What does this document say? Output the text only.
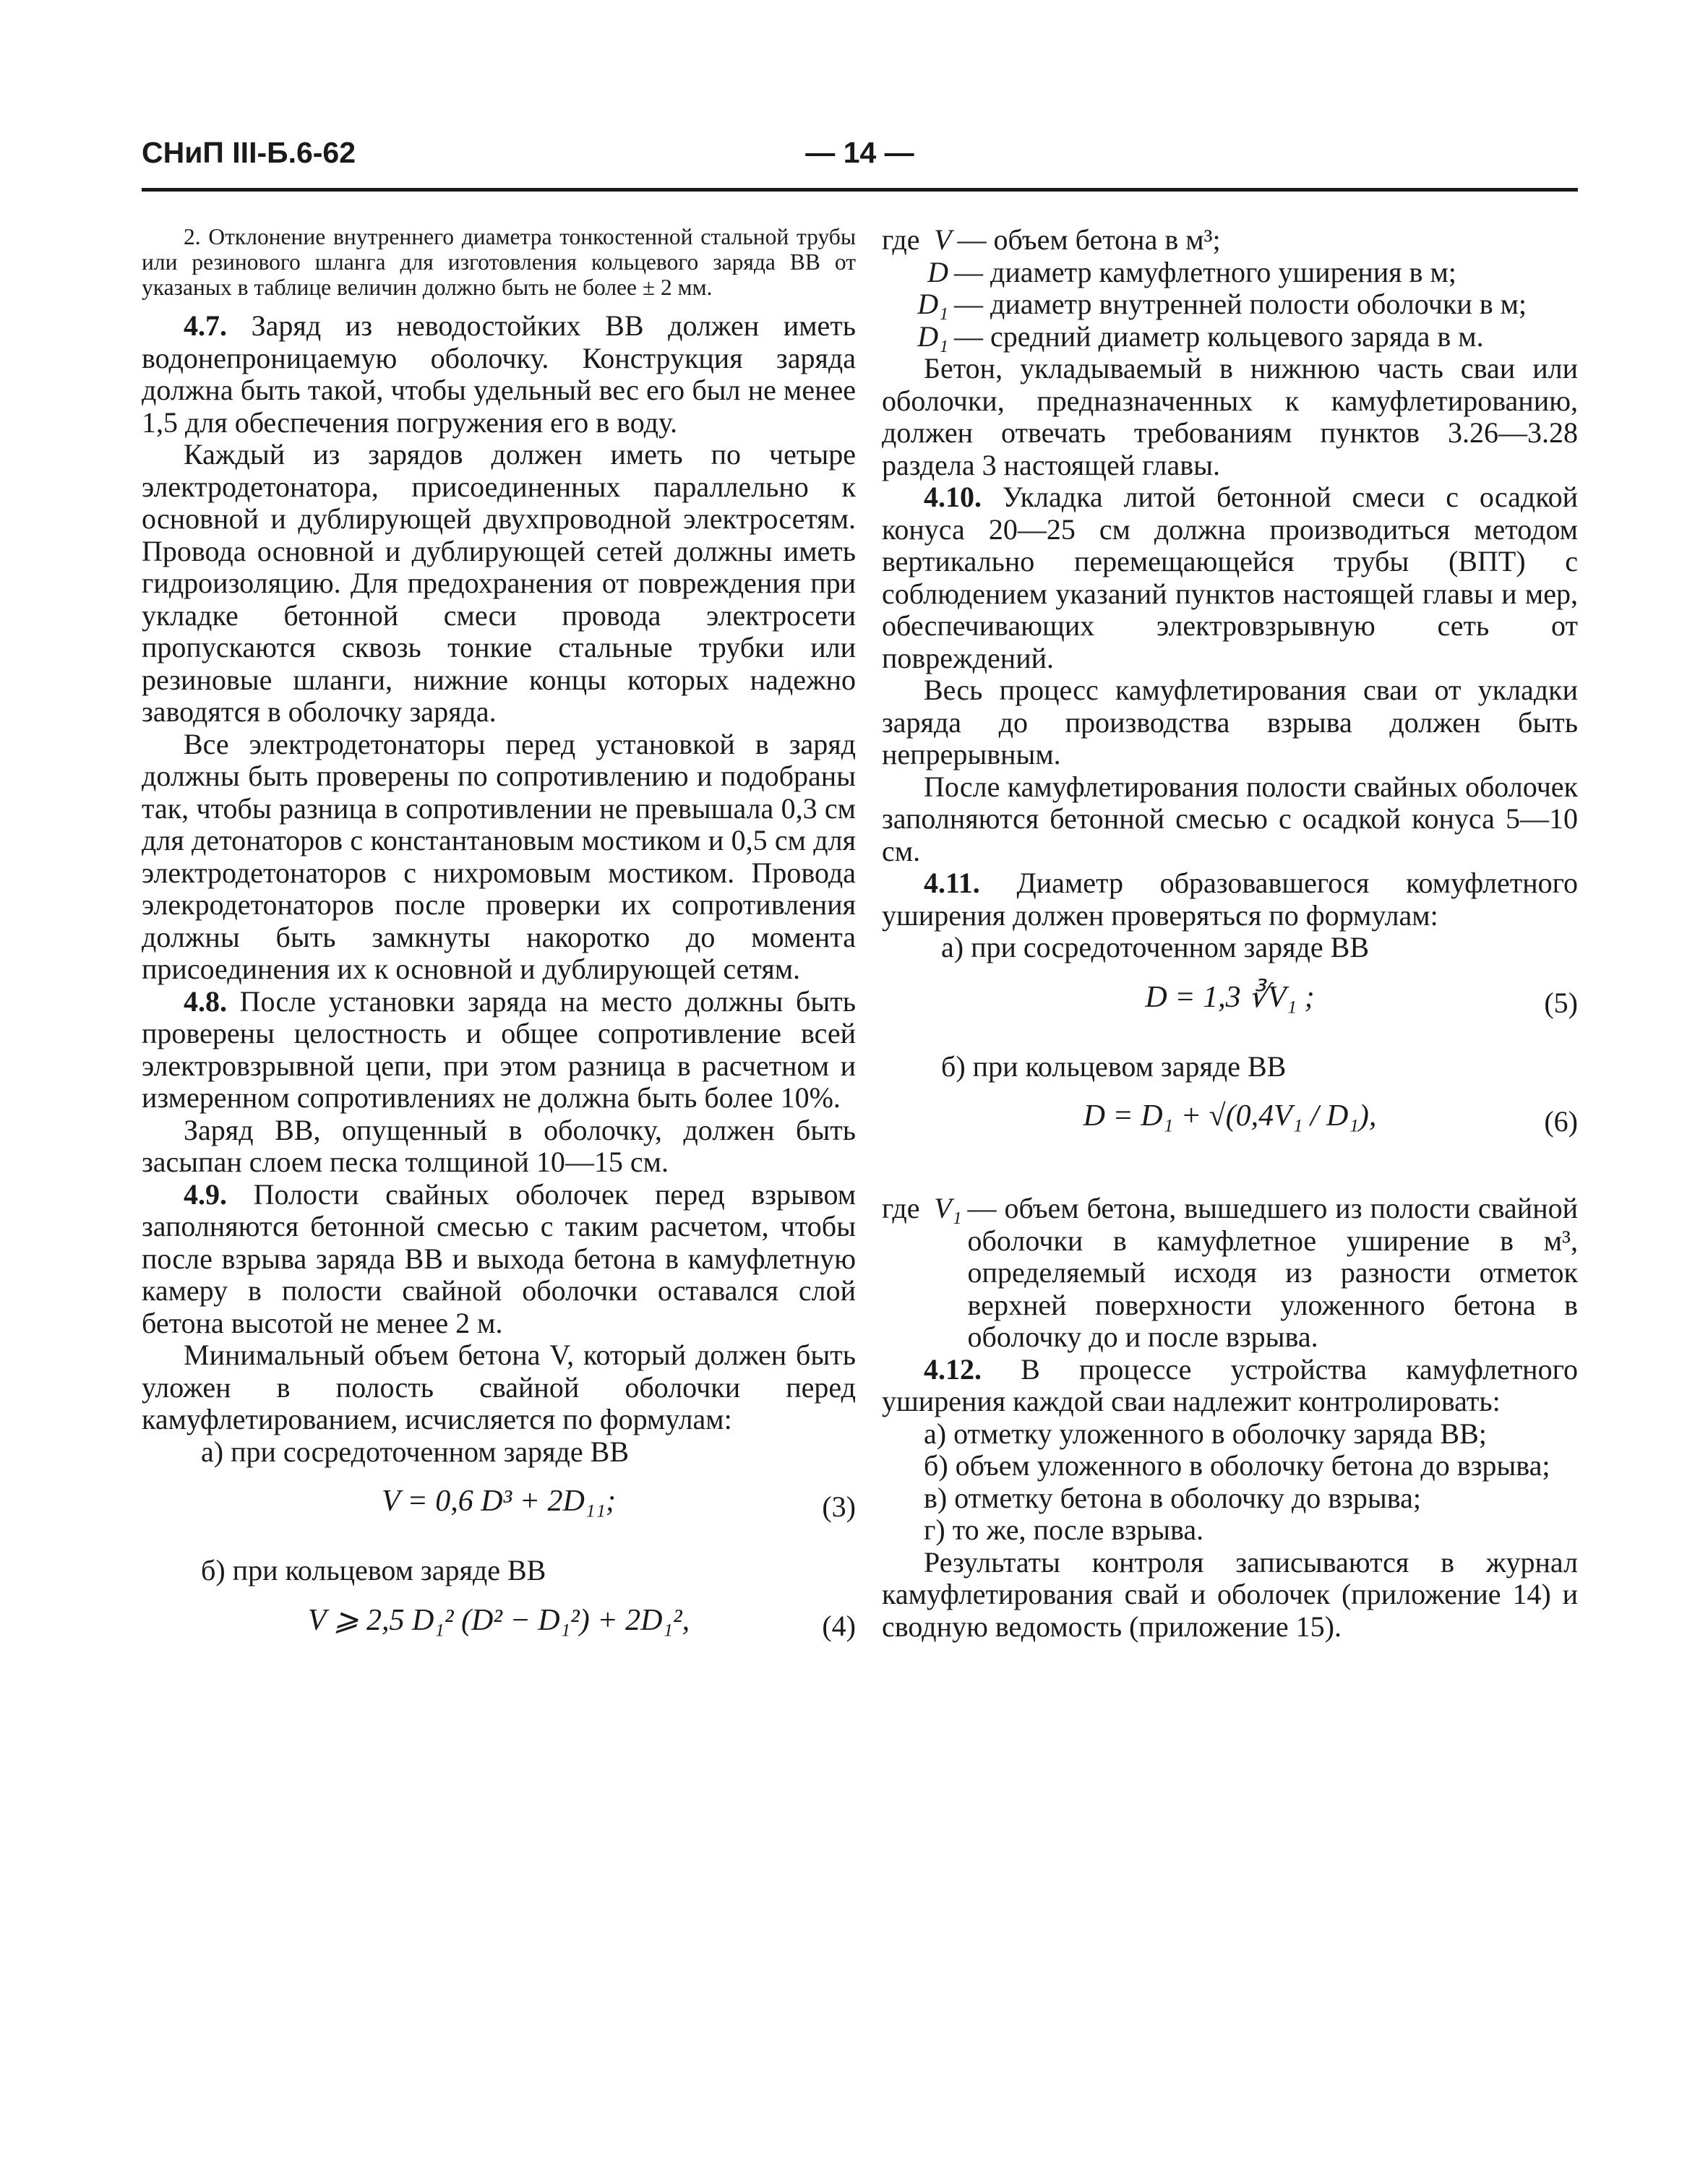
СНиП III-Б.6-62	— 14 —

2. Отклонение внутреннего диаметра тонкостенной стальной трубы или резинового шланга для изготовления кольцевого заряда ВВ от указаных в таблице величин должно быть не более ± 2 мм.

4.7. Заряд из неводостойких ВВ должен иметь водонепроницаемую оболочку. Конструкция заряда должна быть такой, чтобы удельный вес его был не менее 1,5 для обеспечения погружения его в воду.

Каждый из зарядов должен иметь по четыре электродетонатора, присоединенных параллельно к основной и дублирующей двухпроводной электросетям. Провода основной и дублирующей сетей должны иметь гидроизоляцию. Для предохранения от повреждения при укладке бетонной смеси провода электросети пропускаются сквозь тонкие стальные трубки или резиновые шланги, нижние концы которых надежно заводятся в оболочку заряда.

Все электродетонаторы перед установкой в заряд должны быть проверены по сопротивлению и подобраны так, чтобы разница в сопротивлении не превышала 0,3 см для детонаторов с константановым мостиком и 0,5 см для электродетонаторов с нихромовым мостиком. Провода элекродетонаторов после проверки их сопротивления должны быть замкнуты накоротко до момента присоединения их к основной и дублирующей сетям.

4.8. После установки заряда на место должны быть проверены целостность и общее сопротивление всей электровзрывной цепи, при этом разница в расчетном и измеренном сопротивлениях не должна быть более 10%.

Заряд ВВ, опущенный в оболочку, должен быть засыпан слоем песка толщиной 10—15 см.

4.9. Полости свайных оболочек перед взрывом заполняются бетонной смесью с таким расчетом, чтобы после взрыва заряда ВВ и выхода бетона в камуфлетную камеру в полости свайной оболочки оставался слой бетона высотой не менее 2 м.

Минимальный объем бетона V, который должен быть уложен в полость свайной оболочки перед камуфлетированием, исчисляется по формулам:

а) при сосредоточенном заряде ВВ

V = 0,6 D³ + 2D₁₁;	(3)

б) при кольцевом заряде ВВ

V ⩾ 2,5 D₁² (D² − D₁²) + 2D₁²,	(4)
где V — объем бетона в м³;
D — диаметр камуфлетного уширения в м;
D₁ — диаметр внутренней полости оболочки в м;
D₁ — средний диаметр кольцевого заряда в м.

Бетон, укладываемый в нижнюю часть сваи или оболочки, предназначенных к камуфлетированию, должен отвечать требованиям пунктов 3.26—3.28 раздела 3 настоящей главы.

4.10. Укладка литой бетонной смеси с осадкой конуса 20—25 см должна производиться методом вертикально перемещающейся трубы (ВПТ) с соблюдением указаний пунктов настоящей главы и мер, обеспечивающих электровзрывную сеть от повреждений.

Весь процесс камуфлетирования сваи от укладки заряда до производства взрыва должен быть непрерывным.

После камуфлетирования полости свайных оболочек заполняются бетонной смесью с осадкой конуса 5—10 см.

4.11. Диаметр образовавшегося комуфлетного уширения должен проверяться по формулам:

а) при сосредоточенном заряде ВВ

D = 1,3 ∛V₁ ;	(5)

б) при кольцевом заряде ВВ

D = D₁ + √(0,4V₁ / D₁),	(6)
где V₁ — объем бетона, вышедшего из полости свайной оболочки в камуфлетное уширение в м³, определяемый исходя из разности отметок верхней поверхности уложенного бетона в оболочку до и после взрыва.

4.12. В процессе устройства камуфлетного уширения каждой сваи надлежит контролировать:

а) отметку уложенного в оболочку заряда ВВ;

б) объем уложенного в оболочку бетона до взрыва;

в) отметку бетона в оболочку до взрыва;

г) то же, после взрыва.

Результаты контроля записываются в журнал камуфлетирования свай и оболочек (приложение 14) и сводную ведомость (приложение 15).
